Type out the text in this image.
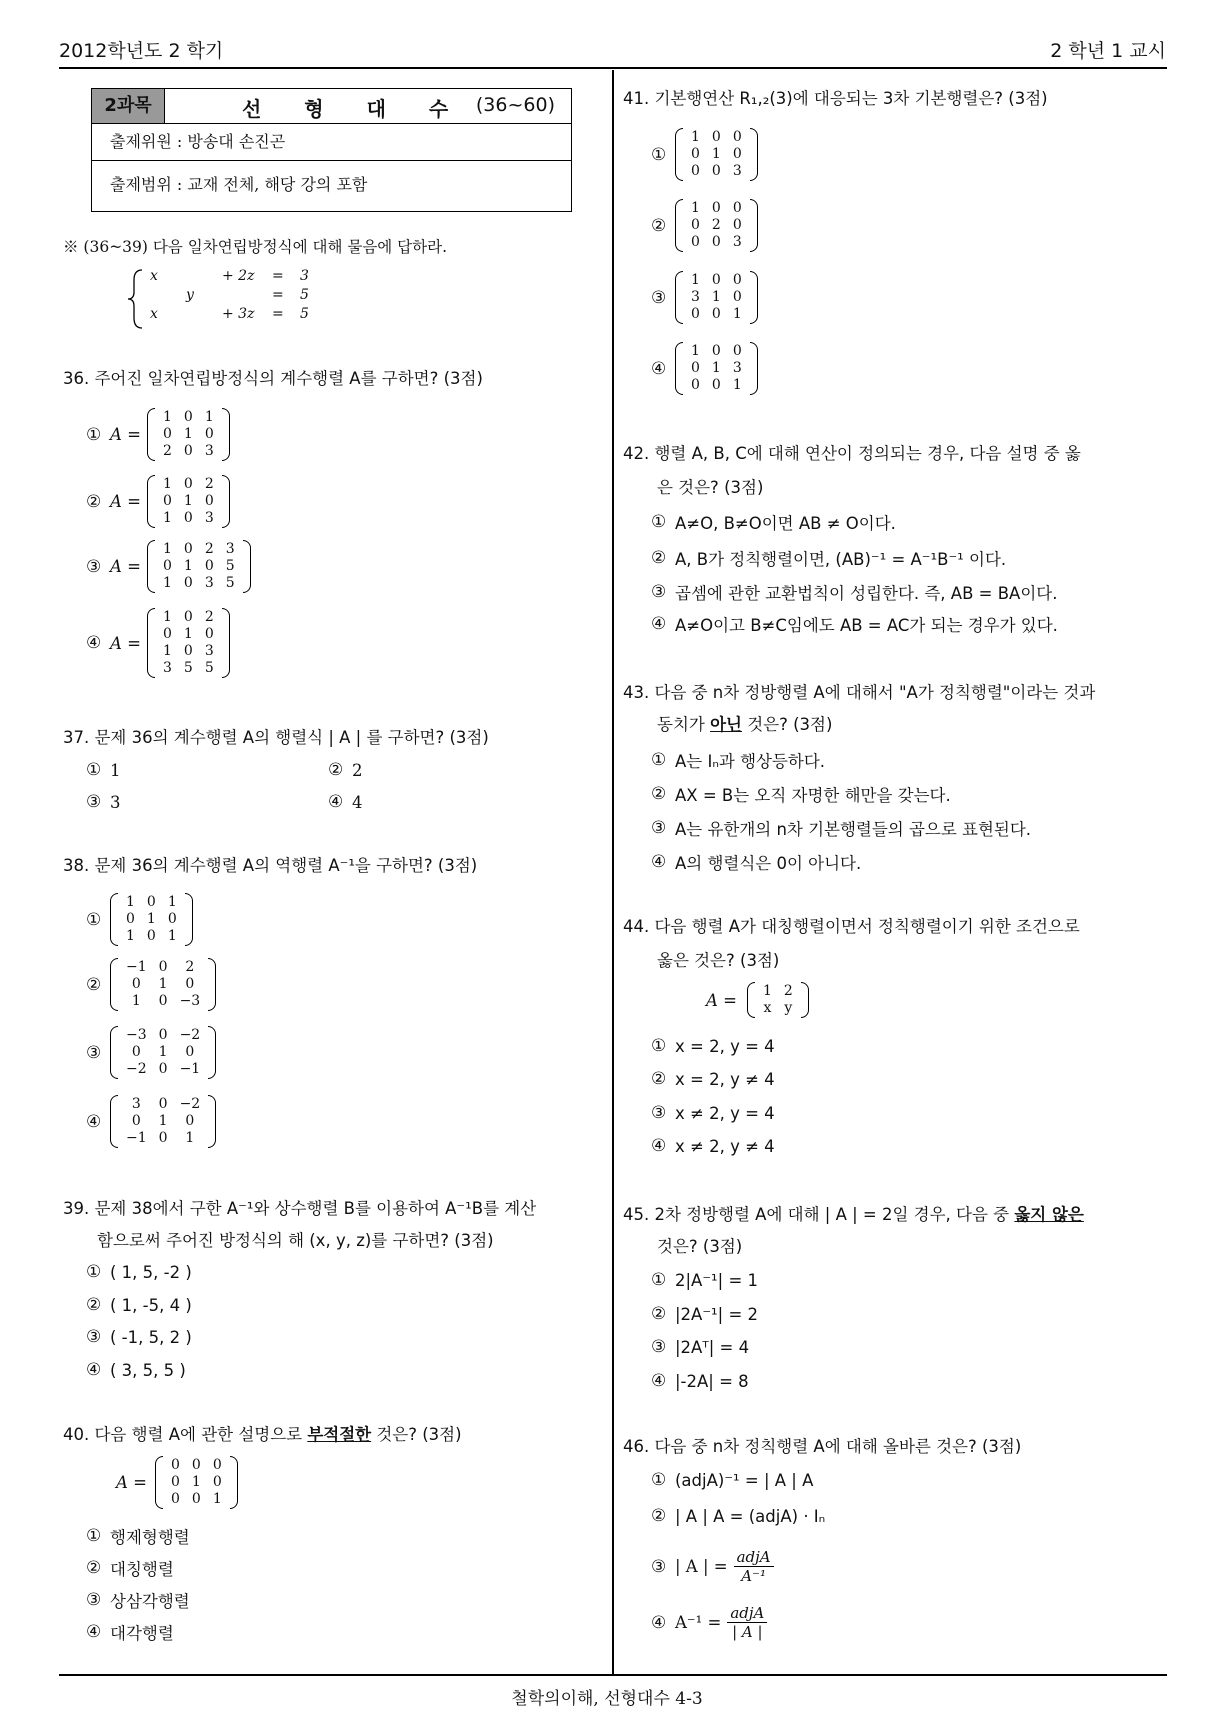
2012학년도 2 학기	2 학년 1 교시
철학의이해, 선형대수 4-3
2과목	선 형 대 수 (36~60)
출제위원 : 방송대 손진곤
출제범위 : 교재 전체, 해당 강의 포함
※ (36~39) 다음 일차연립방정식에 대해 물음에 답하라.
x		+ 2z	=	3
	y		=	5
x		+ 3z	=	5
36. 주어진 일차연립방정식의 계수행렬 A를 구하면? (3점)
① A =
1	0	1
0	1	0
2	0	3
② A =
1	0	2
0	1	0
1	0	3
③ A =
1	0	2	3
0	1	0	5
1	0	3	5
④ A =
1	0	2
0	1	0
1	0	3
3	5	5
37. 문제 36의 계수행렬 A의 행렬식 | A | 를 구하면? (3점)
① 1	② 2
③ 3	④ 4
38. 문제 36의 계수행렬 A의 역행렬 A⁻¹을 구하면? (3점)
①
1	0	1
0	1	0
1	0	1
②
−1	0	2
0	1	0
1	0	−3
③
−3	0	−2
0	1	0
−2	0	−1
④
3	0	−2
0	1	0
−1	0	1
39. 문제 38에서 구한 A⁻¹와 상수행렬 B를 이용하여 A⁻¹B를 계산
함으로써 주어진 방정식의 해 (x, y, z)를 구하면? (3점)
① ( 1, 5, -2 )
② ( 1, -5, 4 )
③ ( -1, 5, 2 )
④ ( 3, 5, 5 )
40. 다음 행렬 A에 관한 설명으로 부적절한 것은? (3점)
A =
0	0	0
0	1	0
0	0	1
① 행제형행렬
② 대칭행렬
③ 상삼각행렬
④ 대각행렬
41. 기본행연산 R₁,₂(3)에 대응되는 3차 기본행렬은? (3점)
①
1	0	0
0	1	0
0	0	3
②
1	0	0
0	2	0
0	0	3
③
1	0	0
3	1	0
0	0	1
④
1	0	0
0	1	3
0	0	1
42. 행렬 A, B, C에 대해 연산이 정의되는 경우, 다음 설명 중 옳
은 것은? (3점)
① A≠O, B≠O이면 AB ≠ O이다.
② A, B가 정칙행렬이면, (AB)⁻¹ = A⁻¹B⁻¹ 이다.
③ 곱셈에 관한 교환법칙이 성립한다. 즉, AB = BA이다.
④ A≠O이고 B≠C임에도 AB = AC가 되는 경우가 있다.
43. 다음 중 n차 정방행렬 A에 대해서 "A가 정칙행렬"이라는 것과
동치가 아닌 것은? (3점)
① A는 Iₙ과 행상등하다.
② AX = B는 오직 자명한 해만을 갖는다.
③ A는 유한개의 n차 기본행렬들의 곱으로 표현된다.
④ A의 행렬식은 0이 아니다.
44. 다음 행렬 A가 대칭행렬이면서 정칙행렬이기 위한 조건으로
옳은 것은? (3점)
A = 1	2
x	y
① x = 2, y = 4
② x = 2, y ≠ 4
③ x ≠ 2, y = 4
④ x ≠ 2, y ≠ 4
45. 2차 정방행렬 A에 대해 | A | = 2일 경우, 다음 중 옳지 않은
것은? (3점)
① 2|A⁻¹| = 1
② |2A⁻¹| = 2
③ |2Aᵀ| = 4
④ |-2A| = 8
46. 다음 중 n차 정칙행렬 A에 대해 올바른 것은? (3점)
① (adjA)⁻¹ = | A | A
② | A | A = (adjA) · Iₙ
③ | A | = adjA
A⁻¹
④ A⁻¹ = adjA
| A |
